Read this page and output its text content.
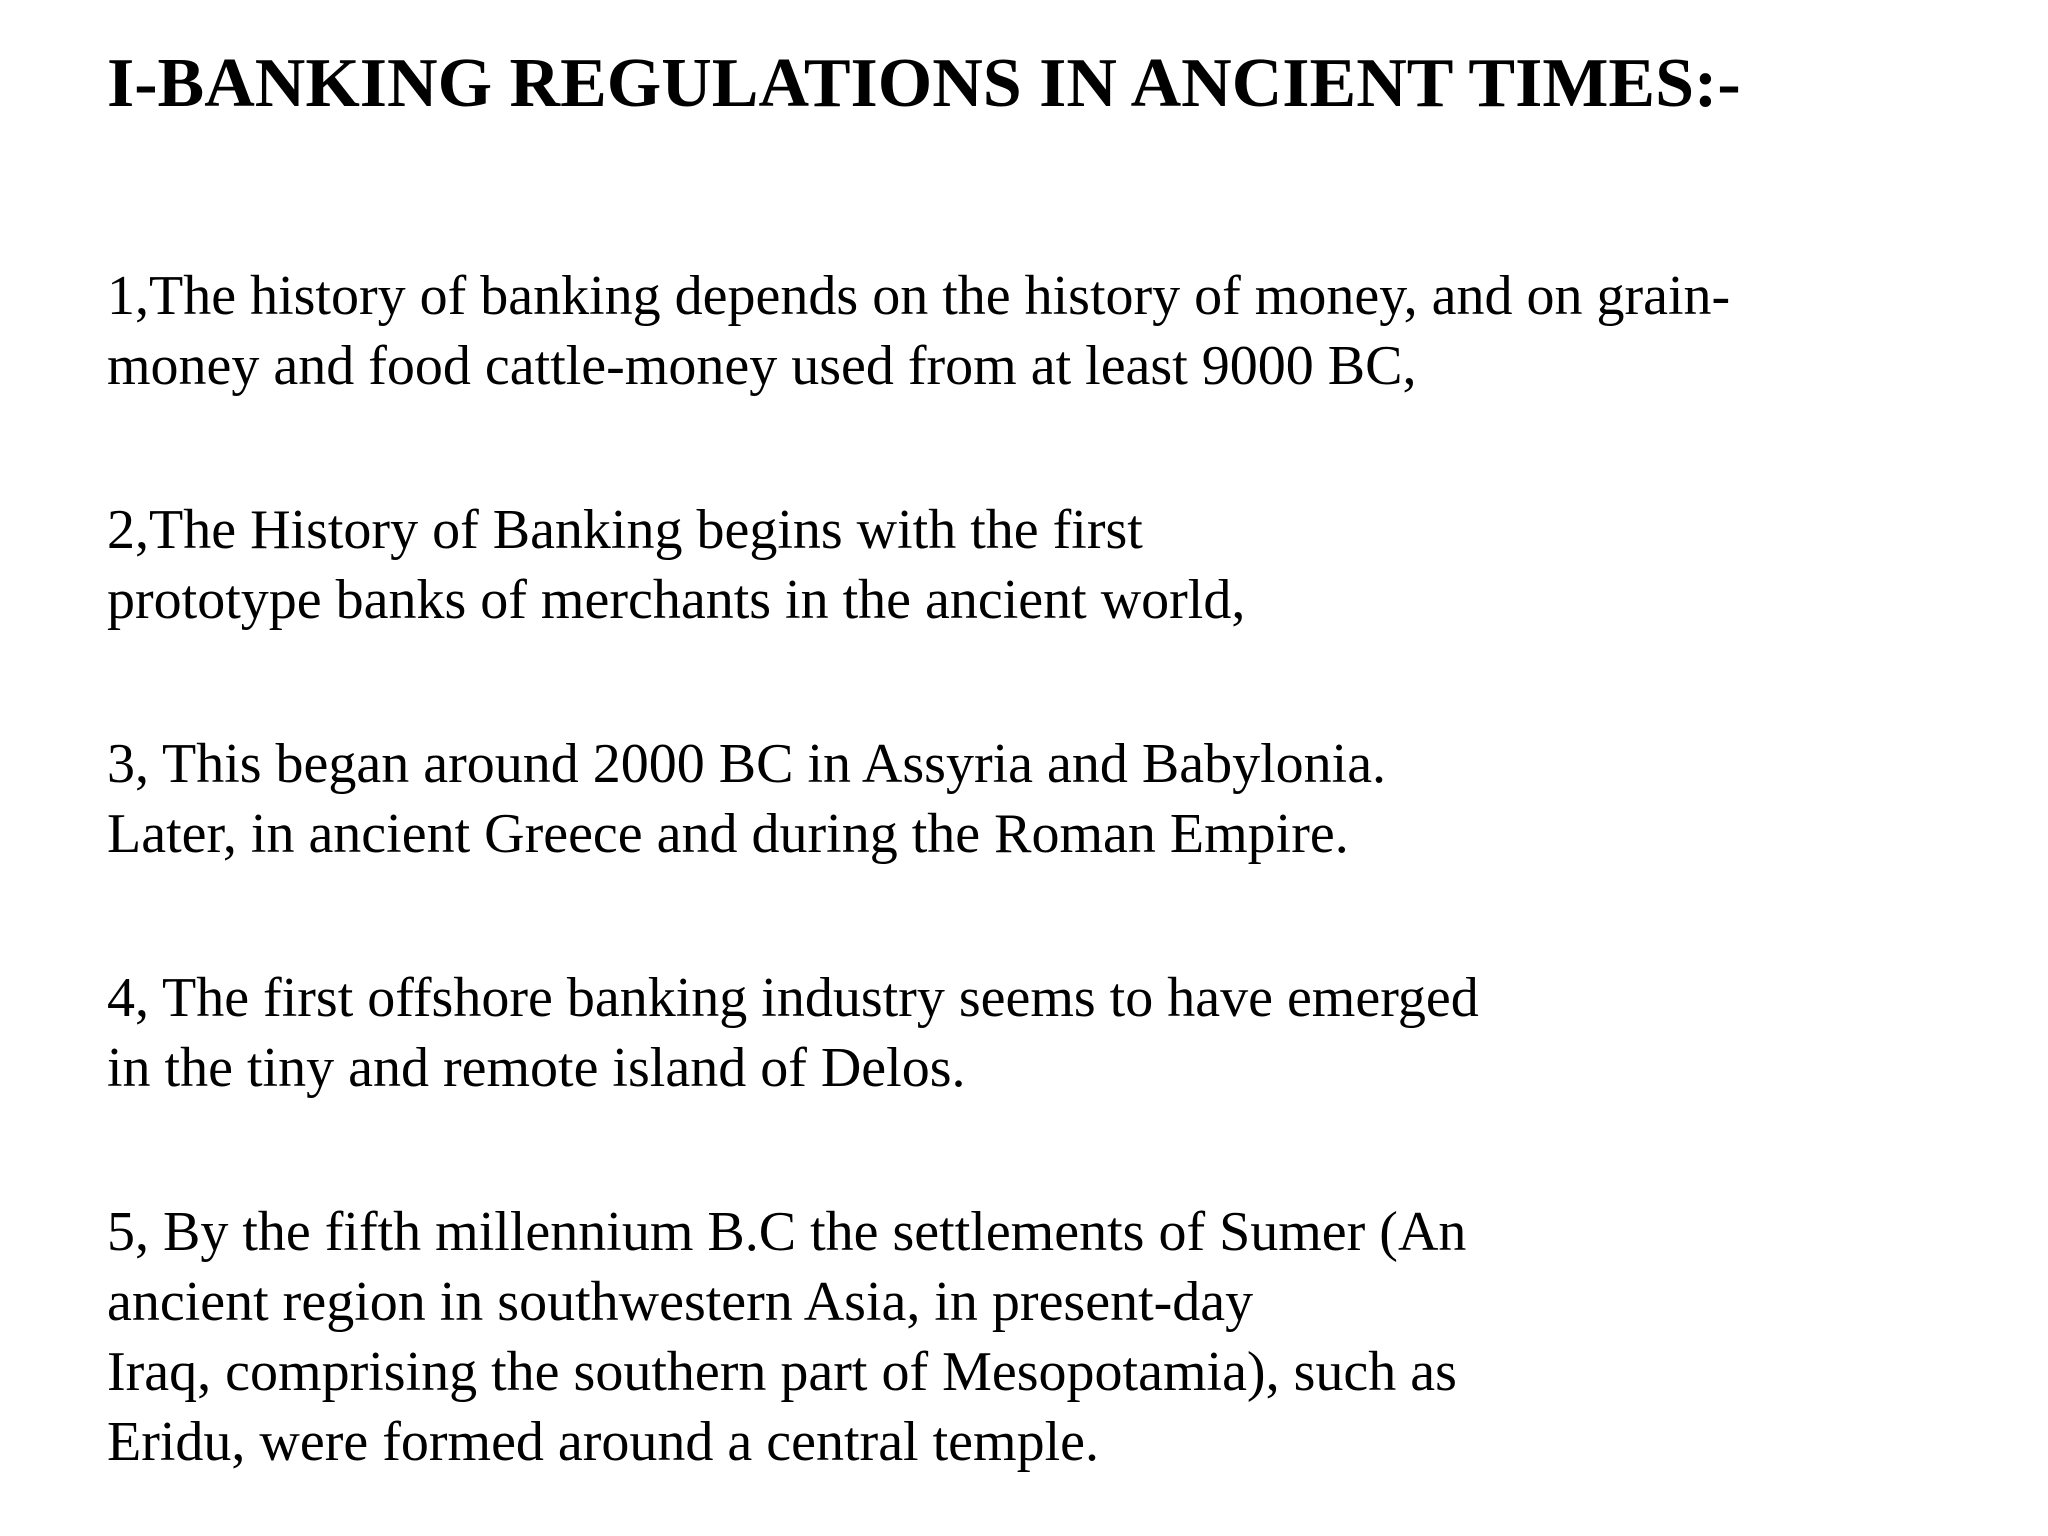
I-BANKING REGULATIONS IN ANCIENT TIMES:-

1,The history of banking depends on the history of money, and on grain-
money and food cattle-money used from at least 9000 BC,

2,The History of Banking begins with the first
prototype banks of merchants in the ancient world,

3, This began around 2000 BC in Assyria and Babylonia.
Later, in ancient Greece and during the Roman Empire.

4, The first offshore banking industry seems to have emerged
in the tiny and remote island of Delos.

5, By the fifth millennium B.C the settlements of Sumer (An
ancient region in southwestern Asia, in present-day
Iraq, comprising the southern part of Mesopotamia), such as
Eridu, were formed around a central temple.
